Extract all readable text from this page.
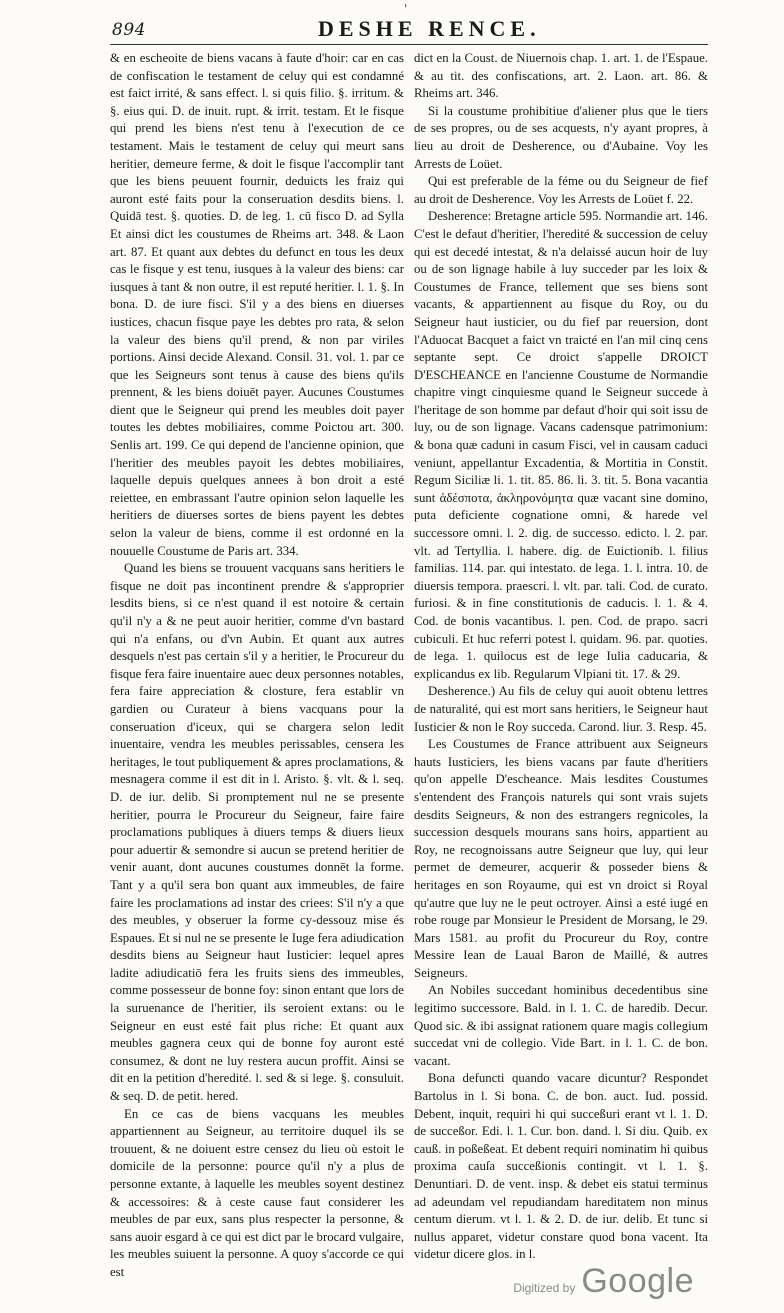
'
894	DESHE RENCE.

& en escheoite de biens vacans à faute d'hoir: car en cas de confiscation le testament de celuy qui est condamné est faict irrité, & sans effect. l. si quis filio. §. irritum. & §. eius qui. D. de inuit. rupt. & irrit. testam. Et le fisque qui prend les biens n'est tenu à l'execution de ce testament. Mais le testament de celuy qui meurt sans heritier, demeure ferme, & doit le fisque l'accomplir tant que les biens peuuent fournir, deduicts les fraiz qui auront esté faits pour la conseruation desdits biens. l. Quidā test. §. quoties. D. de leg. 1. cū fisco D. ad Sylla Et ainsi dict les coustumes de Rheims art. 348. & Laon art. 87. Et quant aux debtes du defunct en tous les deux cas le fisque y est tenu, iusques à la valeur des biens: car iusques à tant & non outre, il est reputé heritier. l. 1. §. In bona. D. de iure fisci. S'il y a des biens en diuerses iustices, chacun fisque paye les debtes pro rata, & selon la valeur des biens qu'il prend, & non par viriles portions. Ainsi decide Alexand. Consil. 31. vol. 1. par ce que les Seigneurs sont tenus à cause des biens qu'ils prennent, & les biens doiuēt payer. Aucunes Coustumes dient que le Seigneur qui prend les meubles doit payer toutes les debtes mobiliaires, comme Poictou art. 300. Senlis art. 199. Ce qui depend de l'ancienne opinion, que l'heritier des meubles payoit les debtes mobiliaires, laquelle depuis quelques annees à bon droit a esté reiettee, en embrassant l'autre opinion selon laquelle les heritiers de diuerses sortes de biens payent les debtes selon la valeur de biens, comme il est ordonné en la nouuelle Coustume de Paris art. 334.

Quand les biens se trouuent vacquans sans heritiers le fisque ne doit pas incontinent prendre & s'approprier lesdits biens, si ce n'est quand il est notoire & certain qu'il n'y a & ne peut auoir heritier, comme d'vn bastard qui n'a enfans, ou d'vn Aubin. Et quant aux autres desquels n'est pas certain s'il y a heritier, le Procureur du fisque fera faire inuentaire auec deux personnes notables, fera faire appreciation & closture, fera establir vn gardien ou Curateur à biens vacquans pour la conseruation d'iceux, qui se chargera selon ledit inuentaire, vendra les meubles perissables, censera les heritages, le tout publiquement & apres proclamations, & mesnagera comme il est dit in l. Aristo. §. vlt. & l. seq. D. de iur. delib. Si promptement nul ne se presente heritier, pourra le Procureur du Seigneur, faire faire proclamations publiques à diuers temps & diuers lieux pour aduertir & semondre si aucun se pretend heritier de venir auant, dont aucunes coustumes donnēt la forme. Tant y a qu'il sera bon quant aux immeubles, de faire faire les proclamations ad instar des criees: S'il n'y a que des meubles, y obseruer la forme cy-dessouz mise és Espaues. Et si nul ne se presente le Iuge fera adiudication desdits biens au Seigneur haut Iusticier: lequel apres ladite adiudicatiō fera les fruits siens des immeubles, comme possesseur de bonne foy: sinon entant que lors de la suruenance de l'heritier, ils seroient extans: ou le Seigneur en eust esté fait plus riche: Et quant aux meubles gagnera ceux qui de bonne foy auront esté consumez, & dont ne luy restera aucun proffit. Ainsi se dit en la petition d'heredité. l. sed & si lege. §. consuluit. & seq. D. de petit. hered.

En ce cas de biens vacquans les meubles appartiennent au Seigneur, au territoire duquel ils se trouuent, & ne doiuent estre censez du lieu où estoit le domicile de la personne: pource qu'il n'y a plus de personne extante, à laquelle les meubles soyent destinez & accessoires: & à ceste cause faut considerer les meubles de par eux, sans plus respecter la personne, & sans auoir esgard à ce qui est dict par le brocard vulgaire, les meubles suiuent la personne. A quoy s'accorde ce qui est

dict en la Coust. de Niuernois chap. 1. art. 1. de l'Espaue. & au tit. des confiscations, art. 2. Laon. art. 86. & Rheims art. 346.

Si la coustume prohibitiue d'aliener plus que le tiers de ses propres, ou de ses acquests, n'y ayant propres, à lieu au droit de Desherence, ou d'Aubaine. Voy les Arrests de Loüet.

Qui est preferable de la féme ou du Seigneur de fief au droit de Desherence. Voy les Arrests de Loüet f. 22.

Desherence: Bretagne article 595. Normandie art. 146. C'est le defaut d'heritier, l'heredité & succession de celuy qui est decedé intestat, & n'a delaissé aucun hoir de luy ou de son lignage habile à luy succeder par les loix & Coustumes de France, tellement que ses biens sont vacants, & appartiennent au fisque du Roy, ou du Seigneur haut iusticier, ou du fief par reuersion, dont l'Aduocat Bacquet a faict vn traicté en l'an mil cinq cens septante sept. Ce droict s'appelle DROICT D'ESCHEANCE en l'ancienne Coustume de Normandie chapitre vingt cinquiesme quand le Seigneur succede à l'heritage de son homme par defaut d'hoir qui soit issu de luy, ou de son lignage. Vacans cadensque patrimonium: & bona quæ caduni in casum Fisci, vel in causam caduci veniunt, appellantur Excadentia, & Mortitia in Constit. Regum Siciliæ li. 1. tit. 85. 86. li. 3. tit. 5. Bona vacantia sunt ἀδέσποτα, ἀκληρονόμητα quæ vacant sine domino, puta deficiente cognatione omni, & harede vel successore omni. l. 2. dig. de successo. edicto. l. 2. par. vlt. ad Tertyllia. l. habere. dig. de Euictionib. l. filius familias. 114. par. qui intestato. de lega. 1. l. intra. 10. de diuersis tempora. praescri. l. vlt. par. tali. Cod. de curato. furiosi. & in fine constitutionis de caducis. l. 1. & 4. Cod. de bonis vacantibus. l. pen. Cod. de prapo. sacri cubiculi. Et huc referri potest l. quidam. 96. par. quoties. de lega. 1. quilocus est de lege Iulia caducaria, & explicandus ex lib. Regularum Vlpiani tit. 17. & 29.

Desherence.) Au fils de celuy qui auoit obtenu lettres de naturalité, qui est mort sans heritiers, le Seigneur haut Iusticier & non le Roy succeda. Carond. liur. 3. Resp. 45.

Les Coustumes de France attribuent aux Seigneurs hauts Iusticiers, les biens vacans par faute d'heritiers qu'on appelle D'escheance. Mais lesdites Coustumes s'entendent des François naturels qui sont vrais sujets desdits Seigneurs, & non des estrangers regnicoles, la succession desquels mourans sans hoirs, appartient au Roy, ne recognoissans autre Seigneur que luy, qui leur permet de demeurer, acquerir & posseder biens & heritages en son Royaume, qui est vn droict si Royal qu'autre que luy ne le peut octroyer. Ainsi a esté iugé en robe rouge par Monsieur le President de Morsang, le 29. Mars 1581. au profit du Procureur du Roy, contre Messire Iean de Laual Baron de Maillé, & autres Seigneurs.

An Nobiles succedant hominibus decedentibus sine legitimo successore. Bald. in l. 1. C. de haredib. Decur. Quod sic. & ibi assignat rationem quare magis collegium succedat vni de collegio. Vide Bart. in l. 1. C. de bon. vacant.

Bona defuncti quando vacare dicuntur? Respondet Bartolus in l. Si bona. C. de bon. auct. Iud. possid. Debent, inquit, requiri hi qui succeßuri erant vt l. 1. D. de succeßor. Edi. l. 1. Cur. bon. dand. l. Si diu. Quib. ex cauß. in poßeßeat. Et debent requiri nominatim hi quibus proxima cauſa succeßionis contingit. vt l. 1. §. Denuntiari. D. de vent. insp. & debet eis statui terminus ad adeundam vel repudiandam hareditatem non minus centum dierum. vt l. 1. & 2. D. de iur. delib. Et tunc si nullus apparet, videtur constare quod bona vacent. Ita videtur dicere glos. in l.

Digitized by Google
